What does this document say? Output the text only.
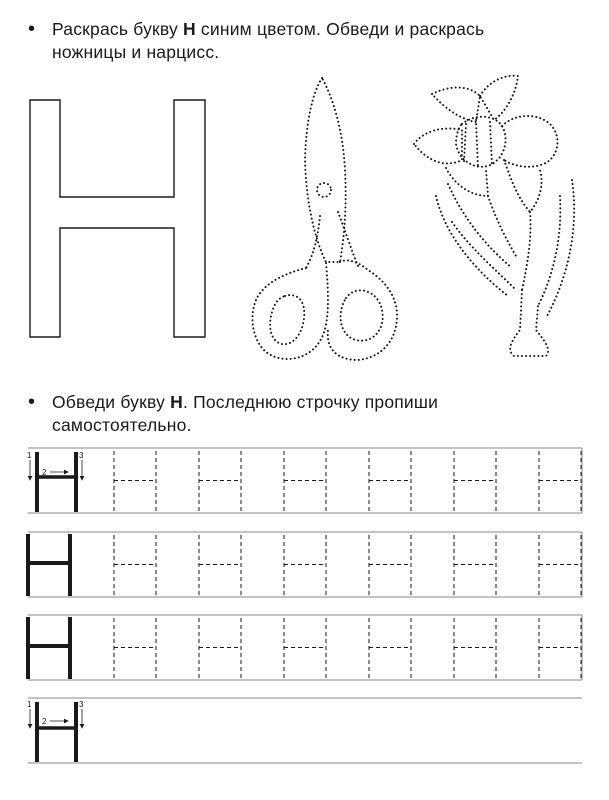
• Раскрась букву Н синим цветом. Обведи и раскрась
ножницы и нарцисс.
• Обведи букву Н. Последнюю строчку пропиши
самостоятельно.
1
2
3
1
2
3
